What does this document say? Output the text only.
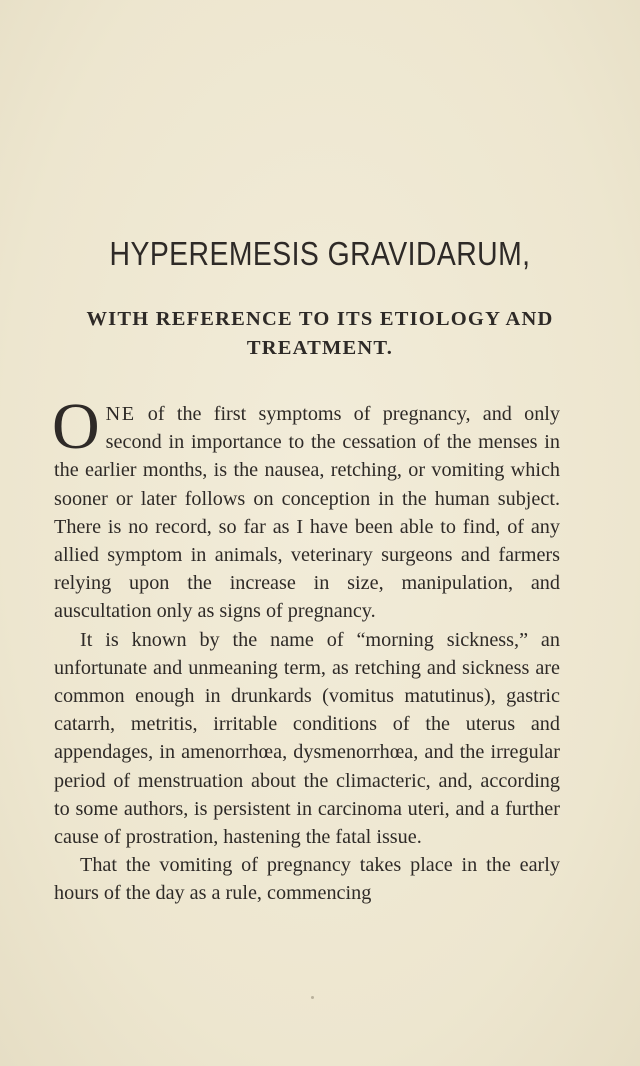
HYPEREMESIS GRAVIDARUM,
WITH REFERENCE TO ITS ETIOLOGY AND TREATMENT.

ONE of the first symptoms of pregnancy, and only second in importance to the cessation of the menses in the earlier months, is the nausea, retching, or vomiting which sooner or later follows on conception in the human subject. There is no record, so far as I have been able to find, of any allied symptom in animals, veterinary surgeons and farmers relying upon the increase in size, manipulation, and auscultation only as signs of pregnancy.

It is known by the name of “morning sickness,” an unfortunate and unmeaning term, as retching and sickness are common enough in drunkards (vomitus matutinus), gastric catarrh, metritis, irritable conditions of the uterus and appendages, in amenorrhœa, dysmenorrhœa, and the irregular period of menstruation about the climacteric, and, according to some authors, is persistent in carcinoma uteri, and a further cause of prostration, hastening the fatal issue.

That the vomiting of pregnancy takes place in the early hours of the day as a rule, commencing
